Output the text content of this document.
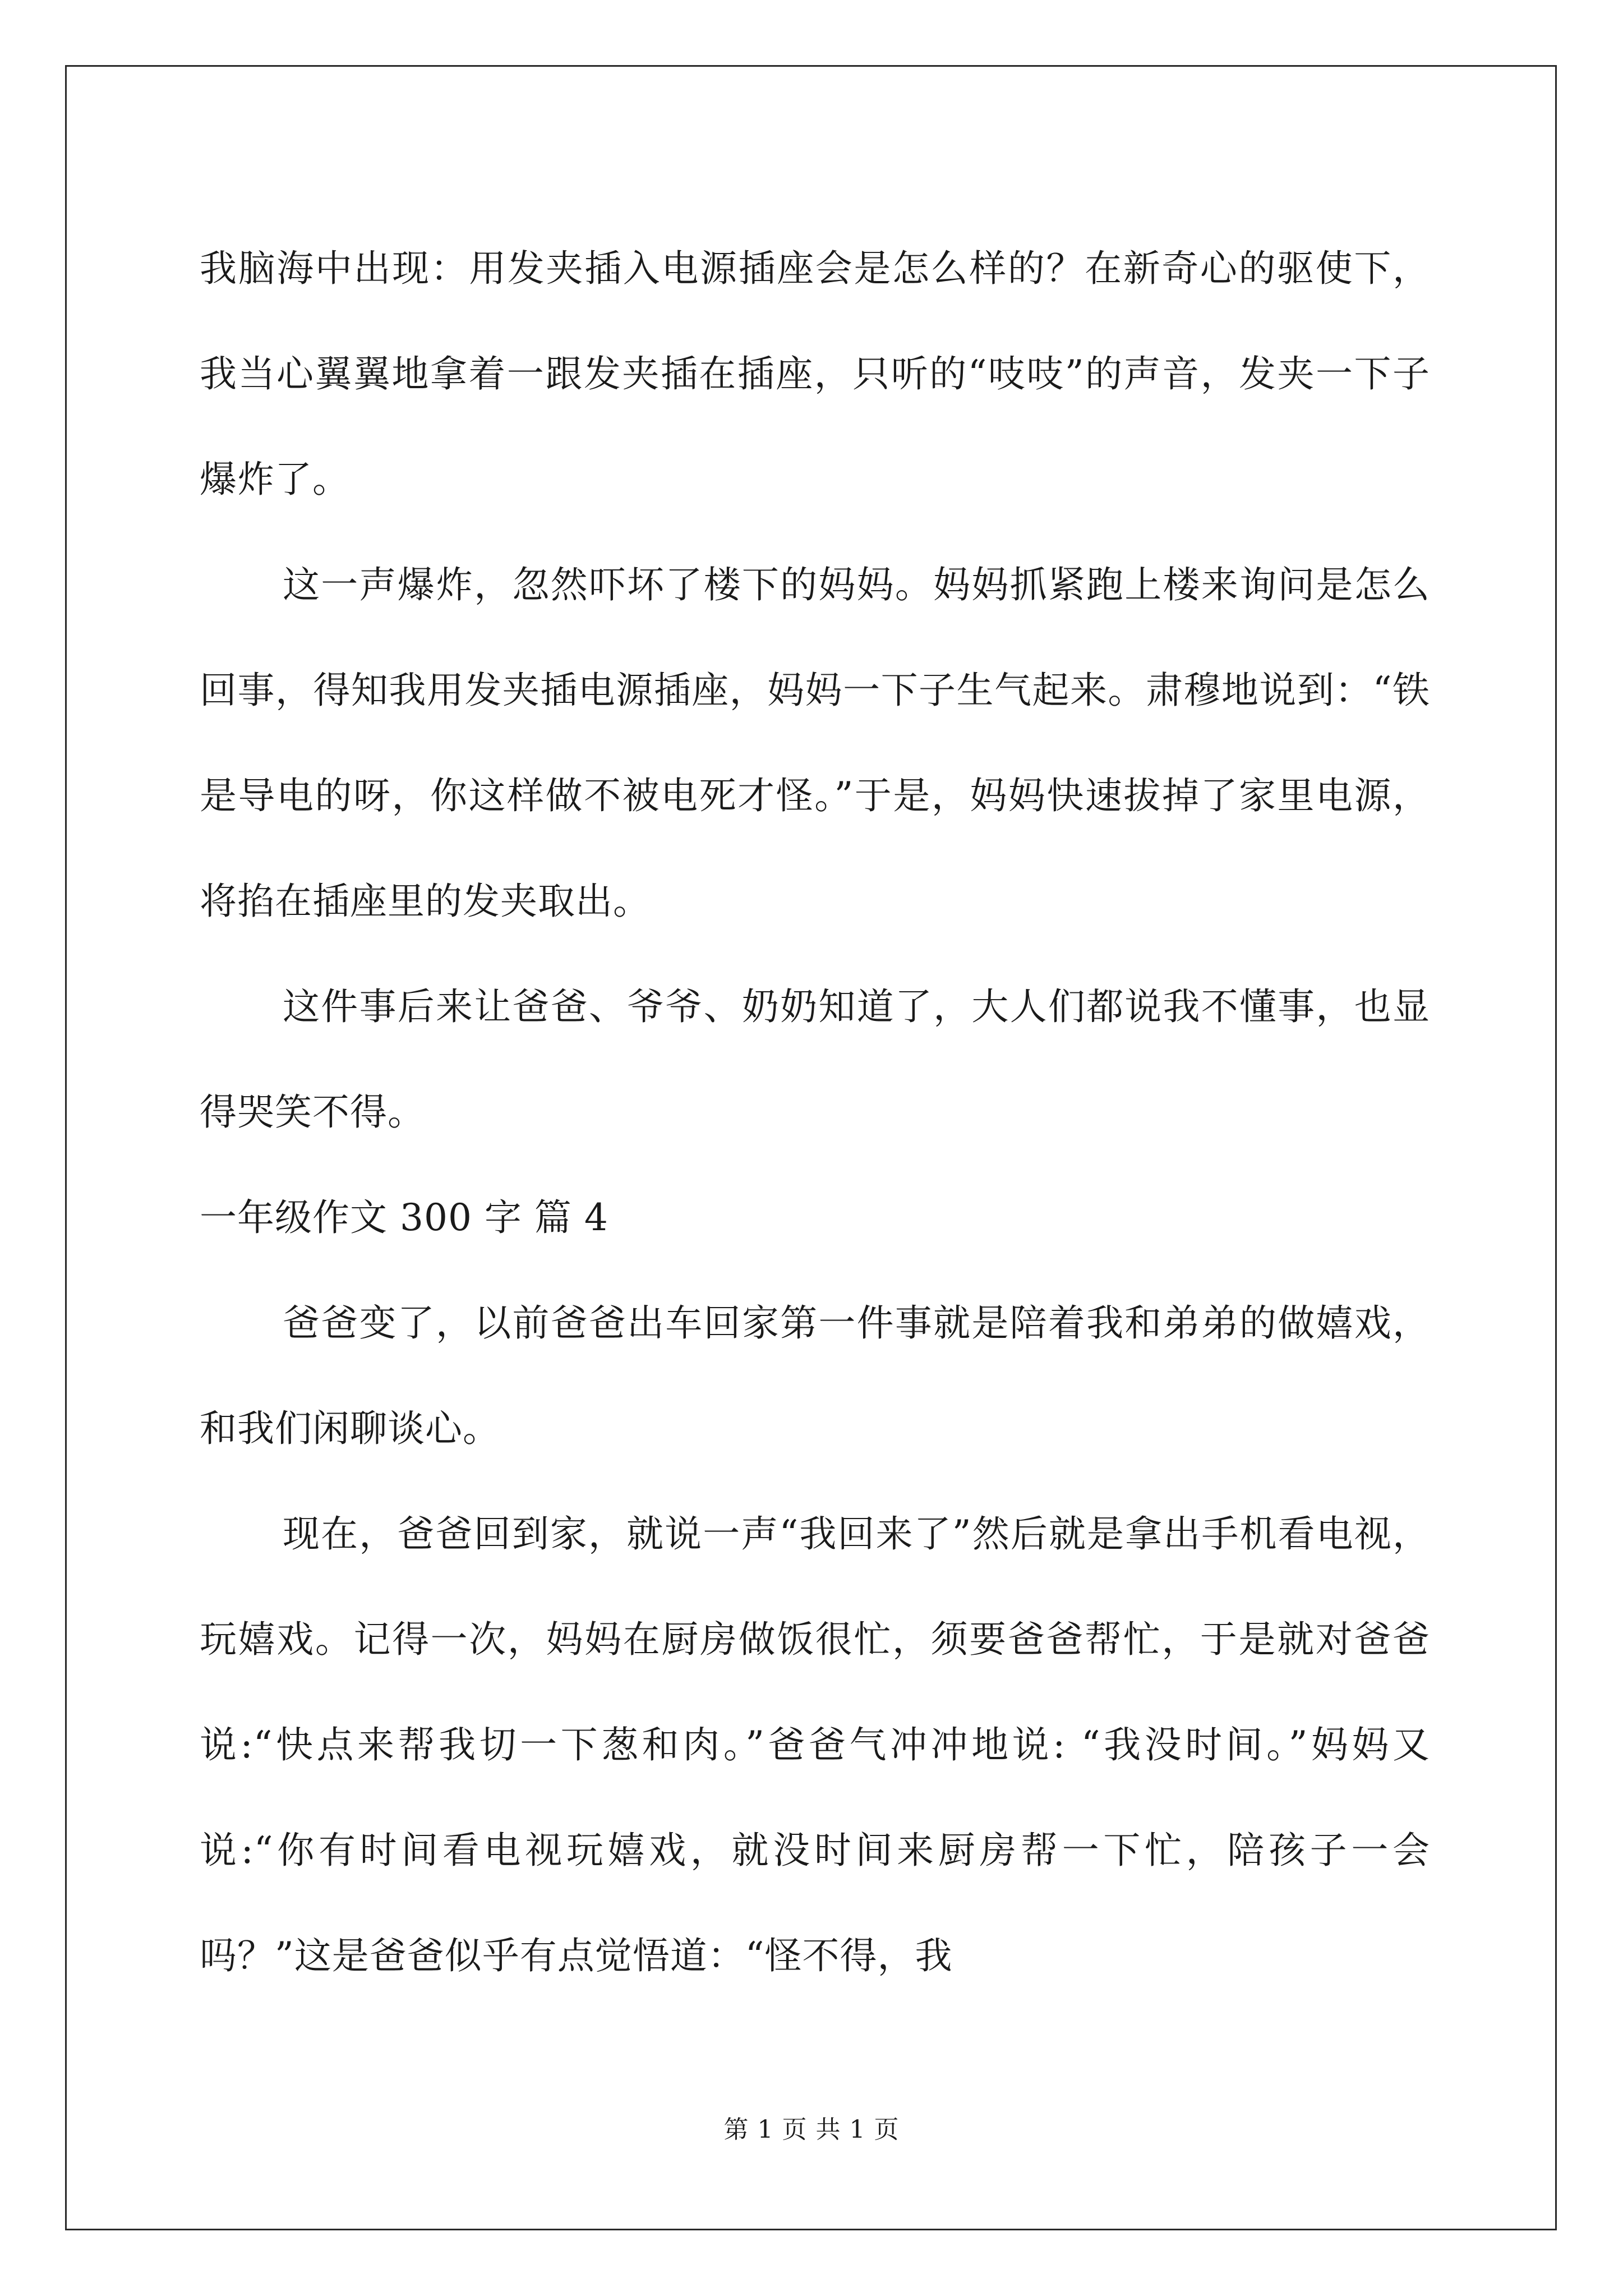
我脑海中出现：用发夹插入电源插座会是怎么样的？在新奇心的驱使下，我当心翼翼地拿着一跟发夹插在插座，只听的“吱吱”的声音，发夹一下子爆炸了。

这一声爆炸，忽然吓坏了楼下的妈妈。妈妈抓紧跑上楼来询问是怎么回事，得知我用发夹插电源插座，妈妈一下子生气起来。肃穆地说到：“铁是导电的呀，你这样做不被电死才怪。”于是，妈妈快速拔掉了家里电源，将掐在插座里的发夹取出。

这件事后来让爸爸、爷爷、奶奶知道了，大人们都说我不懂事，也显得哭笑不得。

一年级作文 300 字 篇 4

爸爸变了，以前爸爸出车回家第一件事就是陪着我和弟弟的做嬉戏，和我们闲聊谈心。

现在，爸爸回到家，就说一声“我回来了”然后就是拿出手机看电视，玩嬉戏。记得一次，妈妈在厨房做饭很忙，须要爸爸帮忙，于是就对爸爸说:“快点来帮我切一下葱和肉。”爸爸气冲冲地说: “我没时间。”妈妈又 说:“你有时间看电视玩嬉戏，就没时间来厨房帮一下忙，陪孩子一会吗？”这是爸爸似乎有点觉悟道：“怪不得，我

第 1 页 共 1 页
